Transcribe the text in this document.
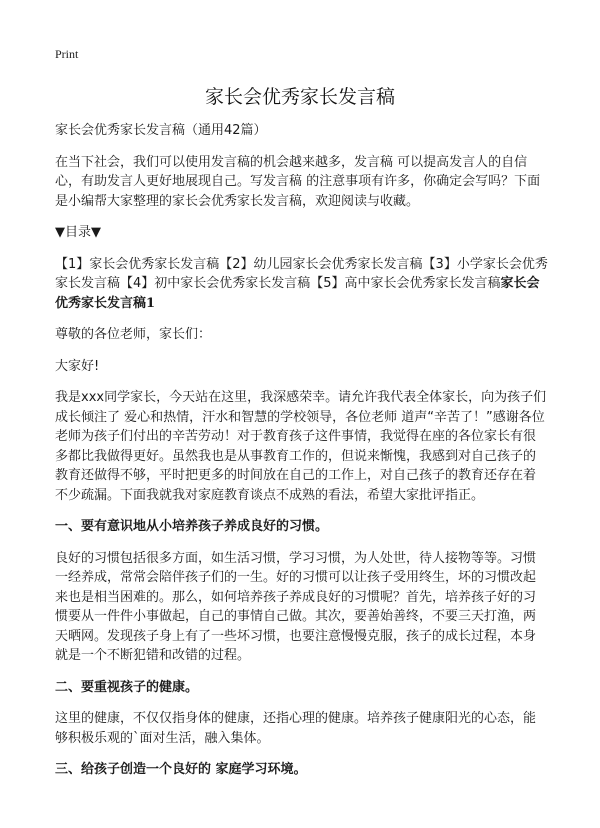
Print
家长会优秀家长发言稿

家长会优秀家长发言稿（通用42篇）

在当下社会，我们可以使用发言稿的机会越来越多，发言稿 可以提高发言人的自信心，有助发言人更好地展现自己。写发言稿 的注意事项有许多，你确定会写吗？下面是小编帮大家整理的家长会优秀家长发言稿，欢迎阅读与收藏。

▼目录▼

【1】家长会优秀家长发言稿【2】幼儿园家长会优秀家长发言稿【3】小学家长会优秀家长发言稿【4】初中家长会优秀家长发言稿【5】高中家长会优秀家长发言稿家长会优秀家长发言稿1

尊敬的各位老师，家长们：

大家好!

我是xxx同学家长，今天站在这里，我深感荣幸。请允许我代表全体家长，向为孩子们成长倾注了 爱心和热情，汗水和智慧的学校领导，各位老师 道声“辛苦了！”感谢各位老师为孩子们付出的辛苦劳动！对于教育孩子这件事情，我觉得在座的各位家长有很多都比我做得更好。虽然我也是从事教育工作的，但说来惭愧，我感到对自己孩子的教育还做得不够，平时把更多的时间放在自己的工作上，对自己孩子的教育还存在着不少疏漏。下面我就我对家庭教育谈点不成熟的看法，希望大家批评指正。

一、要有意识地从小培养孩子养成良好的习惯。

良好的习惯包括很多方面，如生活习惯，学习习惯，为人处世，待人接物等等。习惯一经养成，常常会陪伴孩子们的一生。好的习惯可以让孩子受用终生，坏的习惯改起来也是相当困难的。那么，如何培养孩子养成良好的习惯呢？首先，培养孩子好的习惯要从一件件小事做起，自己的事情自己做。其次，要善始善终，不要三天打渔，两天晒网。发现孩子身上有了一些坏习惯，也要注意慢慢克服，孩子的成长过程，本身就是一个不断犯错和改错的过程。

二、要重视孩子的健康。

这里的健康，不仅仅指身体的健康，还指心理的健康。培养孩子健康阳光的心态，能够积极乐观的`面对生活，融入集体。

三、给孩子创造一个良好的 家庭学习环境。
